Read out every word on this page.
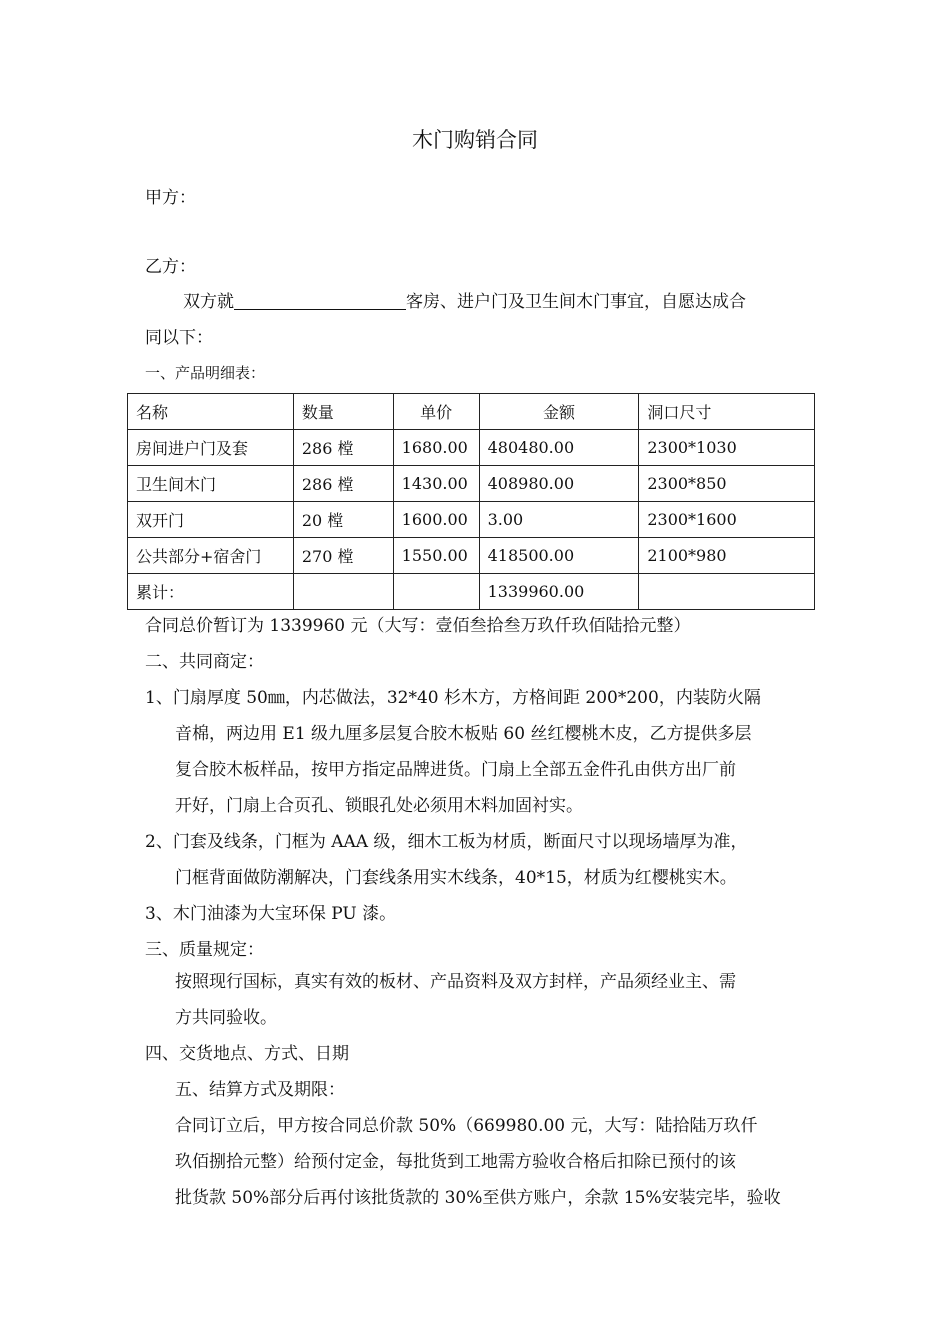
木门购销合同
甲方：
乙方：
双方就	客房、进户门及卫生间木门事宜，自愿达成合
同以下：
一、产品明细表：
名称	数量	单价	金额	洞口尺寸
房间进户门及套	286 樘	1680.00	480480.00	2300*1030
卫生间木门	286 樘	1430.00	408980.00	2300*850
双开门	20 樘	1600.00	3.00	2300*1600
公共部分+宿舍门	270 樘	1550.00	418500.00	2100*980
累计：			1339960.00	
合同总价暂订为 1339960 元（大写：壹佰叁拾叁万玖仟玖佰陆拾元整）
二、共同商定：
1、门扇厚度 50㎜，内芯做法，32*40 杉木方，方格间距 200*200，内装防火隔
音棉，两边用 E1 级九厘多层复合胶木板贴 60 丝红樱桃木皮，乙方提供多层
复合胶木板样品，按甲方指定品牌进货。门扇上全部五金件孔由供方出厂前
开好，门扇上合页孔、锁眼孔处必须用木料加固衬实。
2、门套及线条，门框为 AAA 级，细木工板为材质，断面尺寸以现场墙厚为准，
门框背面做防潮解决，门套线条用实木线条，40*15，材质为红樱桃实木。
3、木门油漆为大宝环保 PU 漆。
三、质量规定：
按照现行国标，真实有效的板材、产品资料及双方封样，产品须经业主、需
方共同验收。
四、交货地点、方式、日期
五、结算方式及期限：
合同订立后，甲方按合同总价款 50%（669980.00 元，大写：陆拾陆万玖仟
玖佰捌拾元整）给预付定金，每批货到工地需方验收合格后扣除已预付的该
批货款 50%部分后再付该批货款的 30%至供方账户，余款 15%安装完毕，验收
